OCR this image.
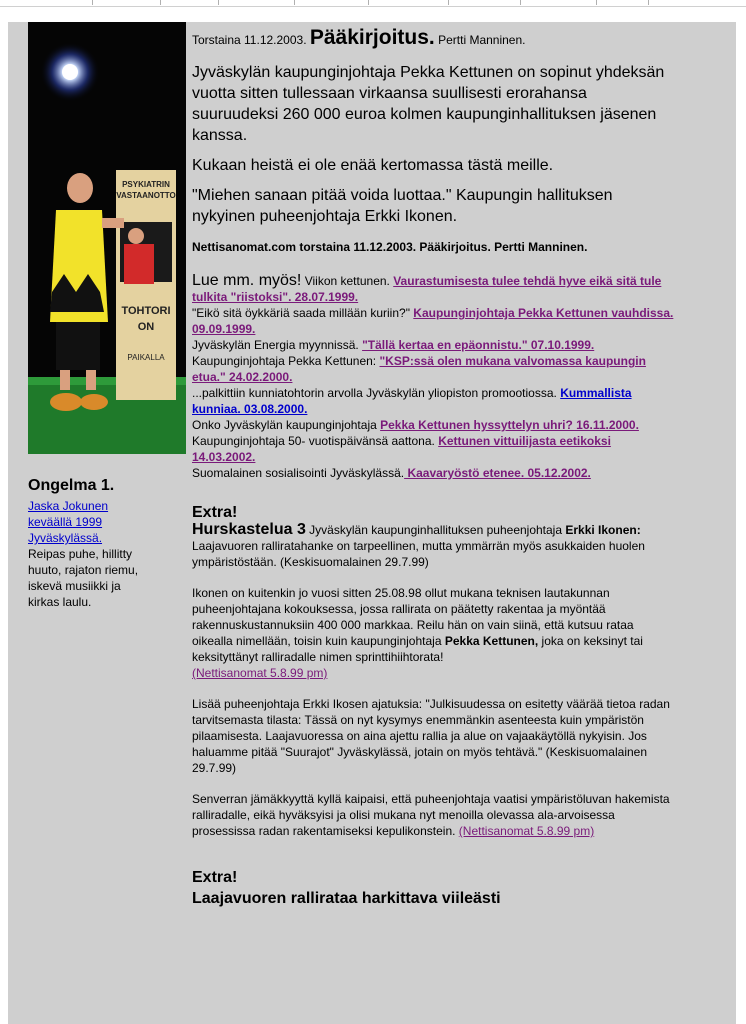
PSYKIATRIN
VASTAANOTTO
TOHTORI
ON
PAIKALLA
Ongelma 1.
Jaska Jokunen
keväällä 1999
Jyväskylässä.
Reipas puhe, hillitty
huuto, rajaton riemu,
iskevä musiikki ja
kirkas laulu.
Torstaina 11.12.2003. Pääkirjoitus. Pertti Manninen.

Jyväskylän kaupunginjohtaja Pekka Kettunen on sopinut yhdeksän vuotta sitten tullessaan virkaansa suullisesti erorahansa suuruudeksi 260 000 euroa kolmen kaupunginhallituksen jäsenen kanssa.

Kukaan heistä ei ole enää kertomassa tästä meille.

"Miehen sanaan pitää voida luottaa." Kaupungin hallituksen nykyinen puheenjohtaja Erkki Ikonen.

Nettisanomat.com torstaina 11.12.2003. Pääkirjoitus. Pertti Manninen.
Lue mm. myös! Viikon kettunen. Vaurastumisesta tulee tehdä hyve eikä sitä tule tulkita "riistoksi". 28.07.1999.
"Eikö sitä öykkäriä saada millään kuriin?" Kaupunginjohtaja Pekka Kettunen vauhdissa. 09.09.1999.
Jyväskylän Energia myynnissä. "Tällä kertaa en epäonnistu." 07.10.1999.
Kaupunginjohtaja Pekka Kettunen: "KSP:ssä olen mukana valvomassa kaupungin etua." 24.02.2000.
...palkittiin kunniatohtorin arvolla Jyväskylän yliopiston promootiossa. Kummallista kunniaa. 03.08.2000.
Onko Jyväskylän kaupunginjohtaja Pekka Kettunen hyssyttelyn uhri? 16.11.2000.
Kaupunginjohtaja 50- vuotispäivänsä aattona. Kettunen vittuilijasta eetikoksi 14.03.2002.
Suomalainen sosialisointi Jyväskylässä. Kaavaryöstö etenee. 05.12.2002.
Extra!
Hurskastelua 3 Jyväskylän kaupunginhallituksen puheenjohtaja Erkki Ikonen: Laajavuoren ralliratahanke on tarpeellinen, mutta ymmärrän myös asukkaiden huolen ympäristöstään. (Keskisuomalainen 29.7.99)
Ikonen on kuitenkin jo vuosi sitten 25.08.98 ollut mukana teknisen lautakunnan puheenjohtajana kokouksessa, jossa rallirata on päätetty rakentaa ja myöntää rakennuskustannuksiin 400 000 markkaa. Reilu hän on vain siinä, että kutsuu rataa oikealla nimellään, toisin kuin kaupunginjohtaja Pekka Kettunen, joka on keksinyt tai keksityttänyt ralliradalle nimen sprinttihiihtorata!
(Nettisanomat 5.8.99 pm)
Lisää puheenjohtaja Erkki Ikosen ajatuksia: "Julkisuudessa on esitetty väärää tietoa radan tarvitsemasta tilasta: Tässä on nyt kysymys enemmänkin asenteesta kuin ympäristön pilaamisesta. Laajavuoressa on aina ajettu rallia ja alue on vajaakäytöllä nykyisin. Jos haluamme pitää "Suurajot" Jyväskylässä, jotain on myös tehtävä." (Keskisuomalainen 29.7.99)
Senverran jämäkkyyttä kyllä kaipaisi, että puheenjohtaja vaatisi ympäristöluvan hakemista ralliradalle, eikä hyväksyisi ja olisi mukana nyt menoilla olevassa ala-arvoisessa prosessissa radan rakentamiseksi kepulikonstein. (Nettisanomat 5.8.99 pm)
Extra!
Laajavuoren rallirataa harkittava viileästi
